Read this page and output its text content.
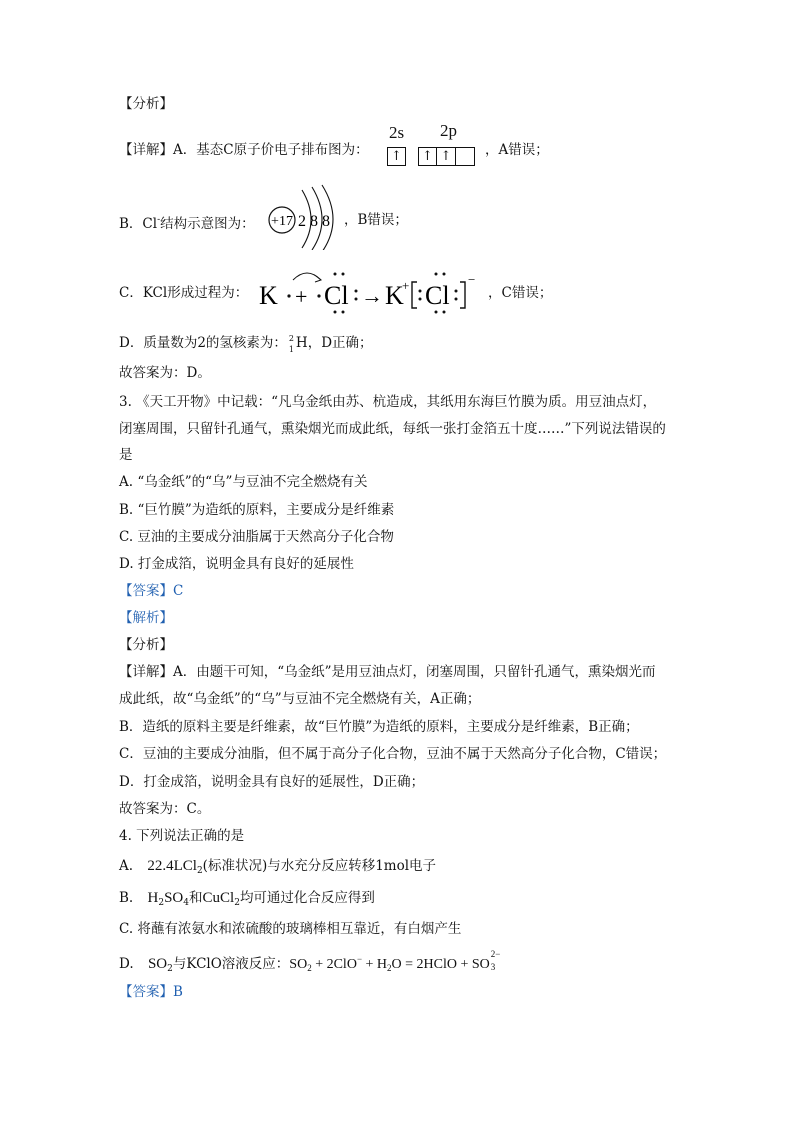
【分析】
【详解】A．基态C原子价电子排布图为：
2s 2p
↑	↑ ↑	，A错误；
B．Cl-结构示意图为： +17 2 8 8 ，B错误；
C．KCl形成过程为： K + Cl → K
+ Cl
−
，C错误；
D．质量数为2的氢核素为： 2
1 H，D正确；
故答案为：D。
3. 《天工开物》中记载：“凡乌金纸由苏、杭造成，其纸用东海巨竹膜为质。用豆油点灯，
闭塞周围，只留针孔通气，熏染烟光而成此纸，每纸一张打金箔五十度……”下列说法错误的
是
A. “乌金纸”的“乌”与豆油不完全燃烧有关
B. “巨竹膜”为造纸的原料，主要成分是纤维素
C. 豆油的主要成分油脂属于天然高分子化合物
D. 打金成箔，说明金具有良好的延展性
【答案】C
【解析】
【分析】
【详解】A．由题干可知，“乌金纸”是用豆油点灯，闭塞周围，只留针孔通气，熏染烟光而
成此纸，故“乌金纸”的“乌”与豆油不完全燃烧有关，A正确；
B．造纸的原料主要是纤维素，故“巨竹膜”为造纸的原料，主要成分是纤维素，B正确；
C．豆油的主要成分油脂，但不属于高分子化合物，豆油不属于天然高分子化合物，C错误；
D．打金成箔，说明金具有良好的延展性，D正确；
故答案为：C。
4. 下列说法正确的是
A. 22.4LCl$_2$(标准状况)与水充分反应转移1mol电子
B. $H_2SO_4$和CuCl$_2$均可通过化合反应得到
C. 将蘸有浓氨水和浓硫酸的玻璃棒相互靠近，有白烟产生
D. $SO_2$与KClO溶液反应：$SO_2 + 2ClO^- + H_2O$ = 2HClO + SO
2−
3
【答案】B
